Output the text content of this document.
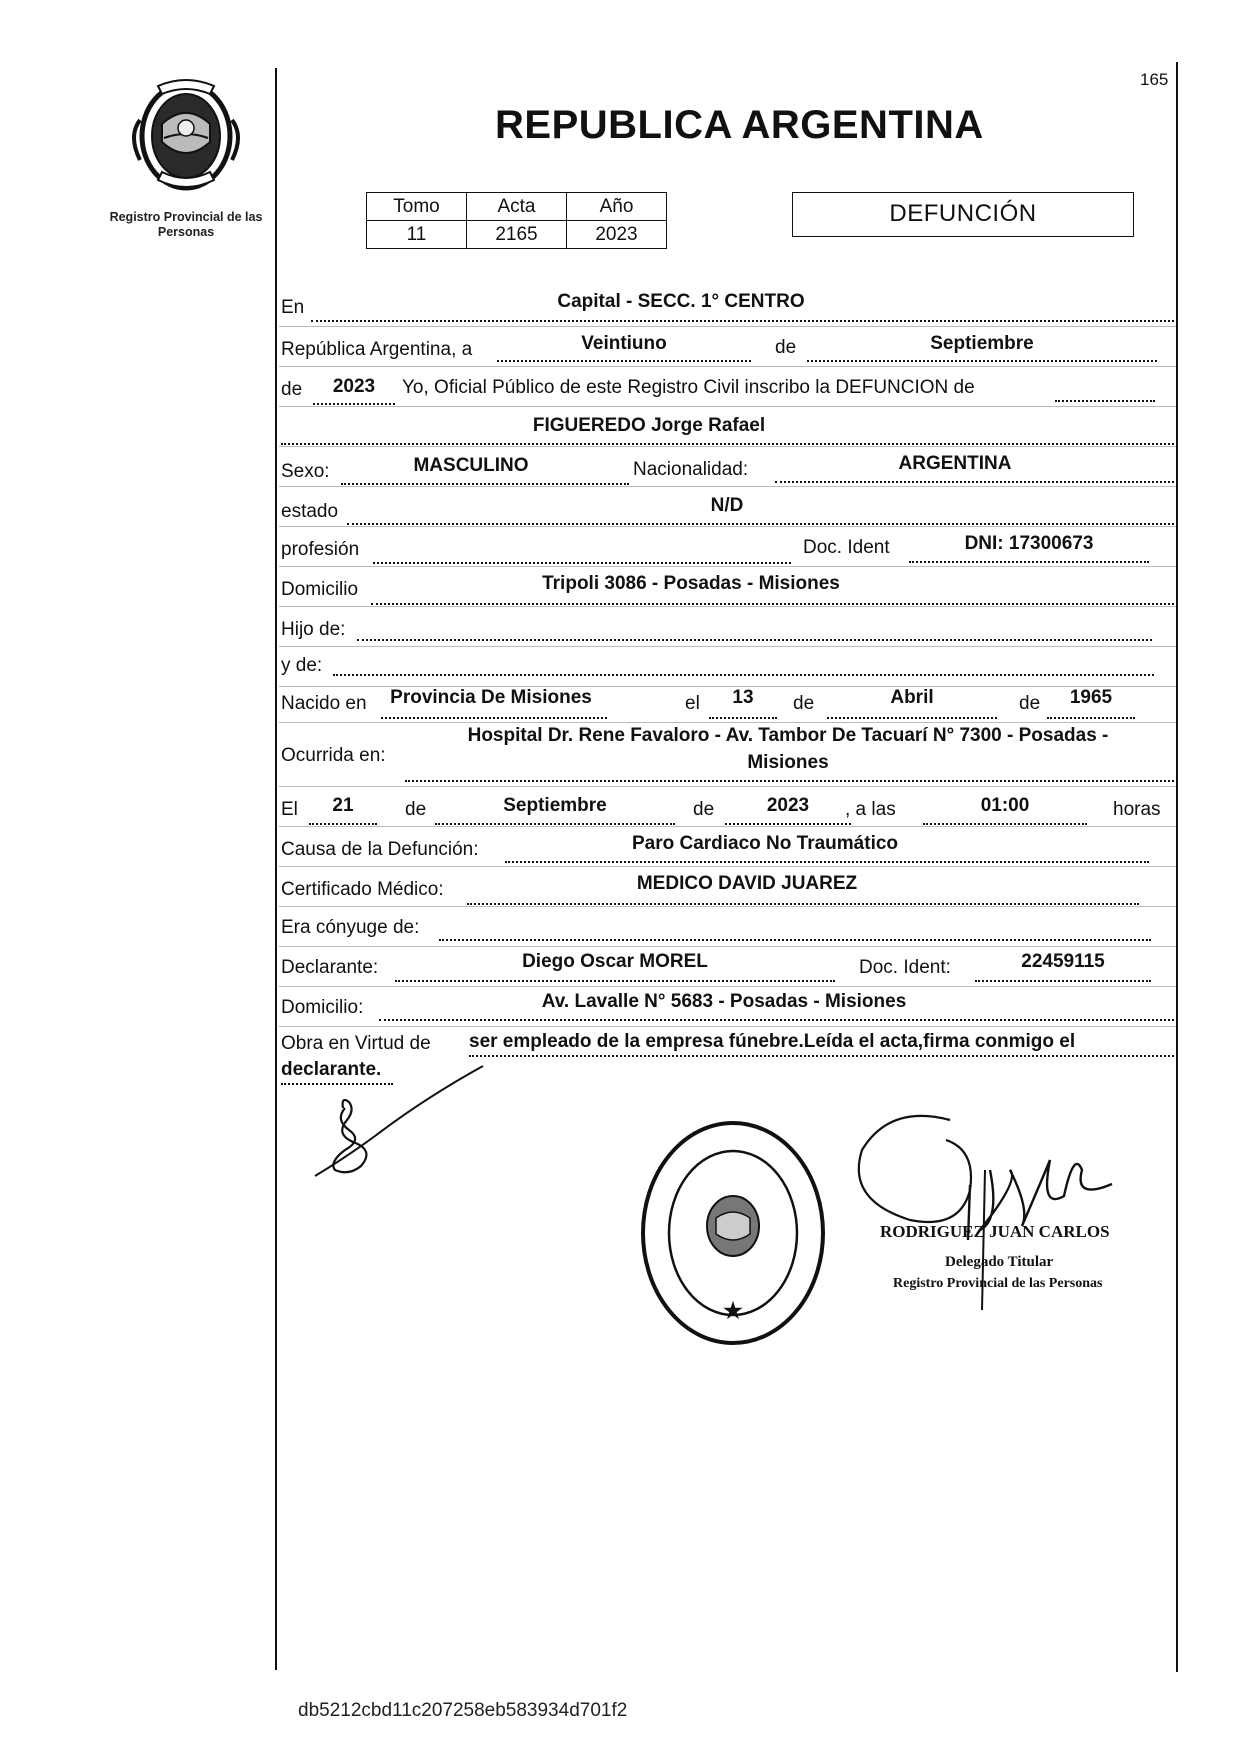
Registro Provincial de las Personas
165
REPUBLICA ARGENTINA
Tomo	Acta	Año
11	2165	2023
DEFUNCIÓN
En	Capital - SECC. 1° CENTRO
República Argentina, a	Veintiuno	de	Septiembre
de	2023	Yo, Oficial Público de este Registro Civil inscribo la DEFUNCION de
FIGUEREDO Jorge Rafael
Sexo:	MASCULINO	Nacionalidad:	ARGENTINA
estado	N/D
profesión	Doc. Ident	DNI: 17300673
Domicilio	Tripoli 3086 - Posadas - Misiones
Hijo de:
y de:
Nacido en	Provincia De Misiones	el	13	de	Abril	de	1965
Ocurrida en:
Hospital Dr. Rene Favaloro - Av. Tambor De Tacuarí N° 7300 - Posadas -
Misiones
El	21	de	Septiembre	de	2023	, a las	01:00	horas
Causa de la Defunción:	Paro Cardiaco No Traumático
Certificado Médico:	MEDICO DAVID JUAREZ
Era cónyuge de:
Declarante:	Diego Oscar MOREL	Doc. Ident:	22459115
Domicilio:	Av. Lavalle N° 5683 - Posadas - Misiones
Obra en Virtud de ser empleado de la empresa fúnebre.Leída el acta,firma conmigo el
declarante.
★
RODRIGUEZ JUAN CARLOS
Delegado Titular
Registro Provincial de las Personas
db5212cbd11c207258eb583934d701f2
